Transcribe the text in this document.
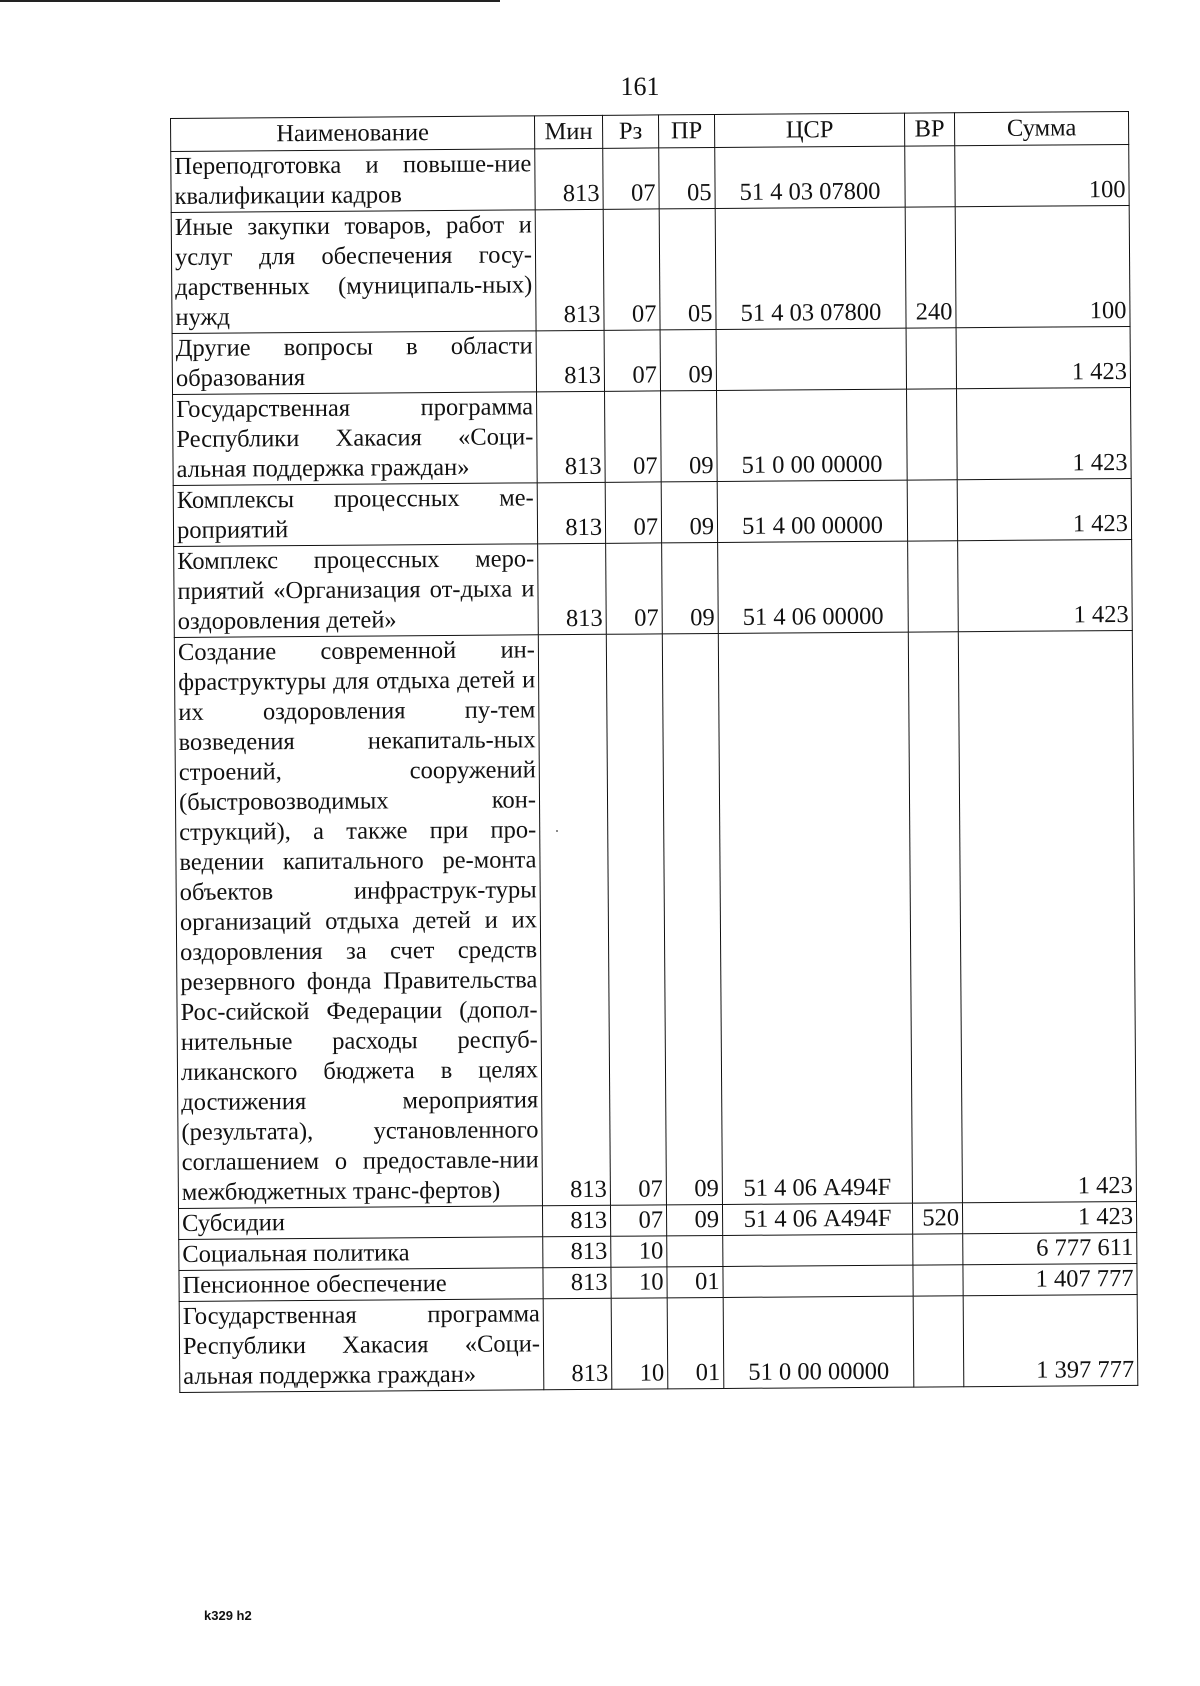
161
Наименование	Мин	Рз	ПР	ЦСР	ВР	Сумма
Переподготовка и повыше-ние квалификации кадров	813	07	05	51 4 03 07800		100
Иные закупки товаров, работ и услуг для обеспечения госу-дарственных (муниципаль-ных) нужд	813	07	05	51 4 03 07800	240	100
Другие вопросы в области образования	813	07	09			1 423
Государственная программа Республики Хакасия «Соци-альная поддержка граждан»	813	07	09	51 0 00 00000		1 423
Комплексы процессных ме-роприятий	813	07	09	51 4 00 00000		1 423
Комплекс процессных меро-приятий «Организация от-дыха и оздоровления детей»	813	07	09	51 4 06 00000		1 423
Создание современной ин-фраструктуры для отдыха детей и их оздоровления пу-тем возведения некапиталь-ных строений, сооружений (быстровозводимых кон-струкций), а также при про-ведении капитального ре-монта объектов инфраструк-туры организаций отдыха детей и их оздоровления за счет средств резервного фонда Правительства Рос-сийской Федерации (допол-нительные расходы респуб-ликанского бюджета в целях достижения мероприятия (результата), установленного соглашением о предоставле-нии межбюджетных транс-фертов)	813	07	09	51 4 06 А494F		1 423
Субсидии	813	07	09	51 4 06 А494F	520	1 423
Социальная политика	813	10				6 777 611
Пенсионное обеспечение	813	10	01			1 407 777
Государственная программа Республики Хакасия «Соци-альная поддержка граждан»	813	10	01	51 0 00 00000		1 397 777
k329 h2
